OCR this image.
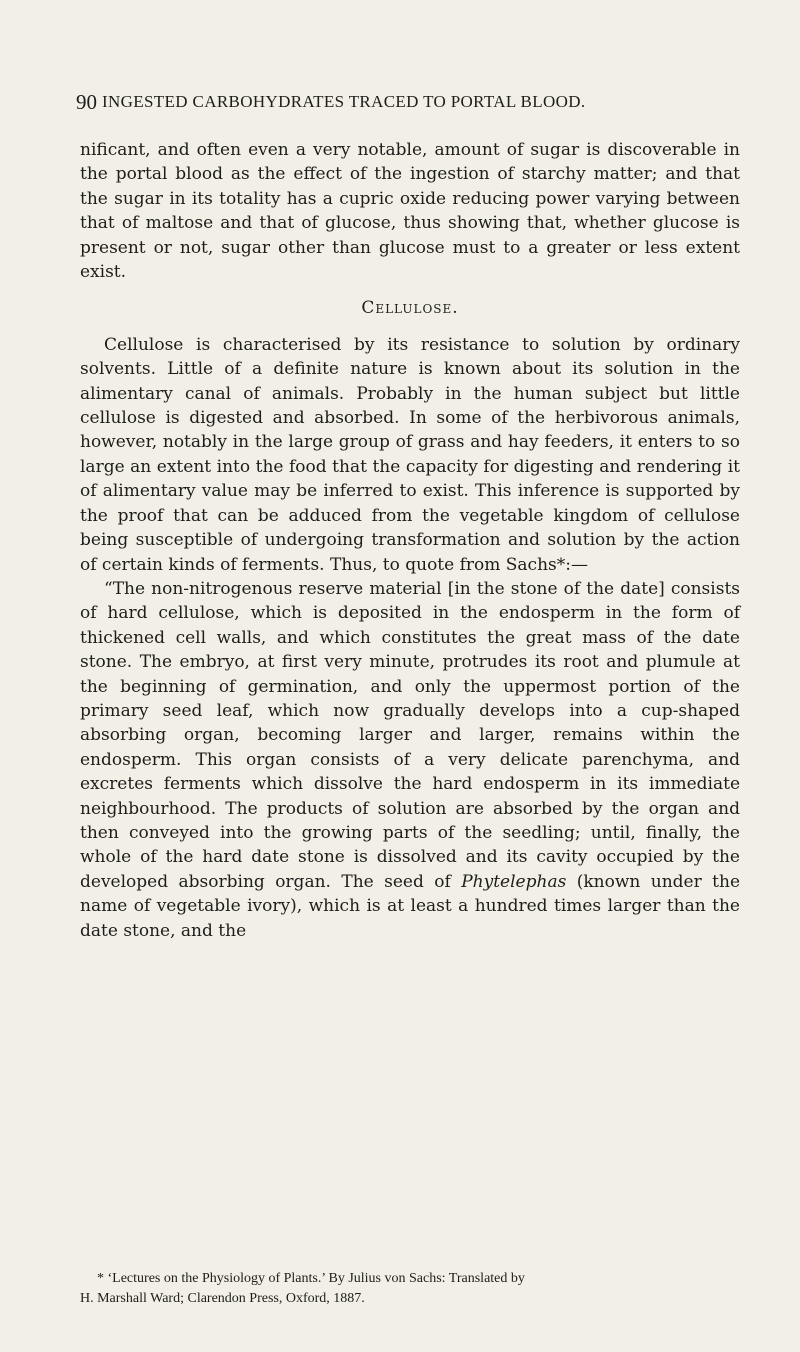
90 INGESTED CARBOHYDRATES TRACED TO PORTAL BLOOD.

nificant, and often even a very notable, amount of sugar is discoverable in the portal blood as the effect of the ingestion of starchy matter; and that the sugar in its totality has a cupric oxide reducing power varying between that of maltose and that of glucose, thus showing that, whether glucose is present or not, sugar other than glucose must to a greater or less extent exist.

Cellulose.

Cellulose is characterised by its resistance to solution by ordinary solvents. Little of a definite nature is known about its solution in the alimentary canal of animals. Probably in the human subject but little cellulose is digested and absorbed. In some of the herbivorous animals, however, notably in the large group of grass and hay feeders, it enters to so large an extent into the food that the capacity for digesting and rendering it of alimentary value may be inferred to exist. This inference is supported by the proof that can be adduced from the vegetable kingdom of cellulose being susceptible of undergoing transformation and solution by the action of certain kinds of ferments. Thus, to quote from Sachs*:—

“The non-nitrogenous reserve material [in the stone of the date] consists of hard cellulose, which is deposited in the endosperm in the form of thickened cell walls, and which constitutes the great mass of the date stone. The embryo, at first very minute, protrudes its root and plumule at the beginning of germination, and only the uppermost portion of the primary seed leaf, which now gradually develops into a cup-shaped absorbing organ, becoming larger and larger, remains within the endosperm. This organ consists of a very delicate parenchyma, and excretes ferments which dissolve the hard endosperm in its immediate neighbourhood. The products of solution are absorbed by the organ and then conveyed into the growing parts of the seedling; until, finally, the whole of the hard date stone is dissolved and its cavity occupied by the developed absorbing organ. The seed of Phytelephas (known under the name of vegetable ivory), which is at least a hundred times larger than the date stone, and the

* ‘Lectures on the Physiology of Plants.’ By Julius von Sachs: Translated by

H. Marshall Ward; Clarendon Press, Oxford, 1887.
